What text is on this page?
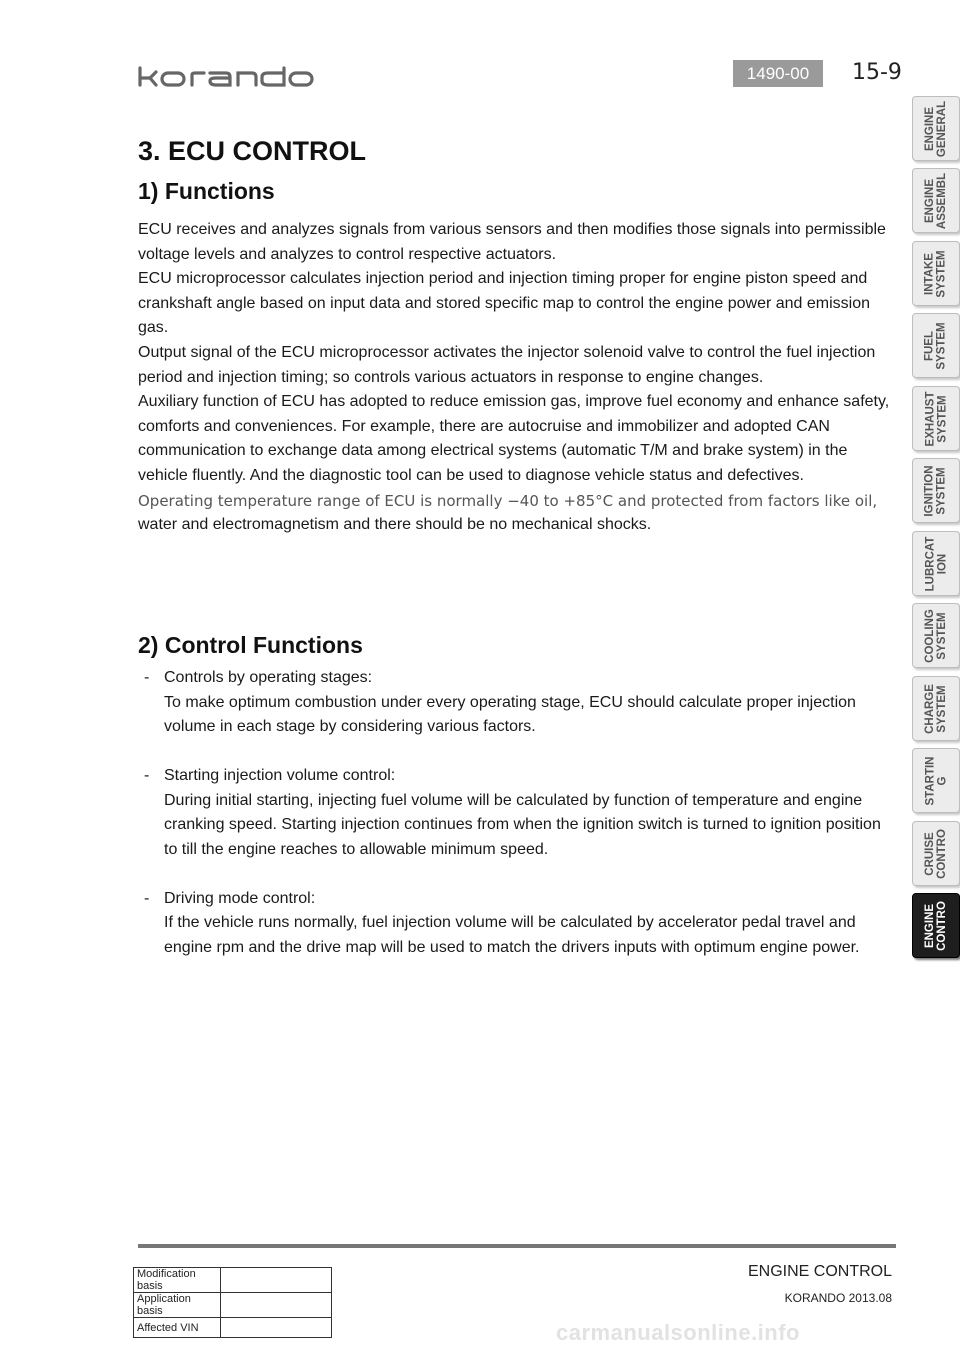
1490-00	15-9
3. ECU CONTROL
1) Functions

ECU receives and analyzes signals from various sensors and then modifies those signals into permissible voltage levels and analyzes to control respective actuators.

ECU microprocessor calculates injection period and injection timing proper for engine piston speed and crankshaft angle based on input data and stored specific map to control the engine power and emission gas.

Output signal of the ECU microprocessor activates the injector solenoid valve to control the fuel injection period and injection timing; so controls various actuators in response to engine changes.

Auxiliary function of ECU has adopted to reduce emission gas, improve fuel economy and enhance safety, comforts and conveniences. For example, there are autocruise and immobilizer and adopted CAN communication to exchange data among electrical systems (automatic T/M and brake system) in the vehicle fluently. And the diagnostic tool can be used to diagnose vehicle status and defectives.

Operating temperature range of ECU is normally −40 to +85°C and protected from factors like oil,

water and electromagnetism and there should be no mechanical shocks.

2) Control Functions
- Controls by operating stages:
To make optimum combustion under every operating stage, ECU should calculate proper injection volume in each stage by considering various factors.
- Starting injection volume control:
During initial starting, injecting fuel volume will be calculated by function of temperature and engine cranking speed. Starting injection continues from when the ignition switch is turned to ignition position to till the engine reaches to allowable minimum speed.
- Driving mode control:
If the vehicle runs normally, fuel injection volume will be calculated by accelerator pedal travel and engine rpm and the drive map will be used to match the drivers inputs with optimum engine power.
ENGINE
GENERAL
ENGINE
ASSEMBL
INTAKE
SYSTEM
FUEL
SYSTEM
EXHAUST
SYSTEM
IGNITION
SYSTEM
LUBRCAT
ION
COOLING
SYSTEM
CHARGE
SYSTEM
STARTIN
G
CRUISE
CONTRO
ENGINE
CONTRO
Modification basis	
Application basis	
Affected VIN	
ENGINE CONTROL
KORANDO 2013.08
carmanualsonline.info
